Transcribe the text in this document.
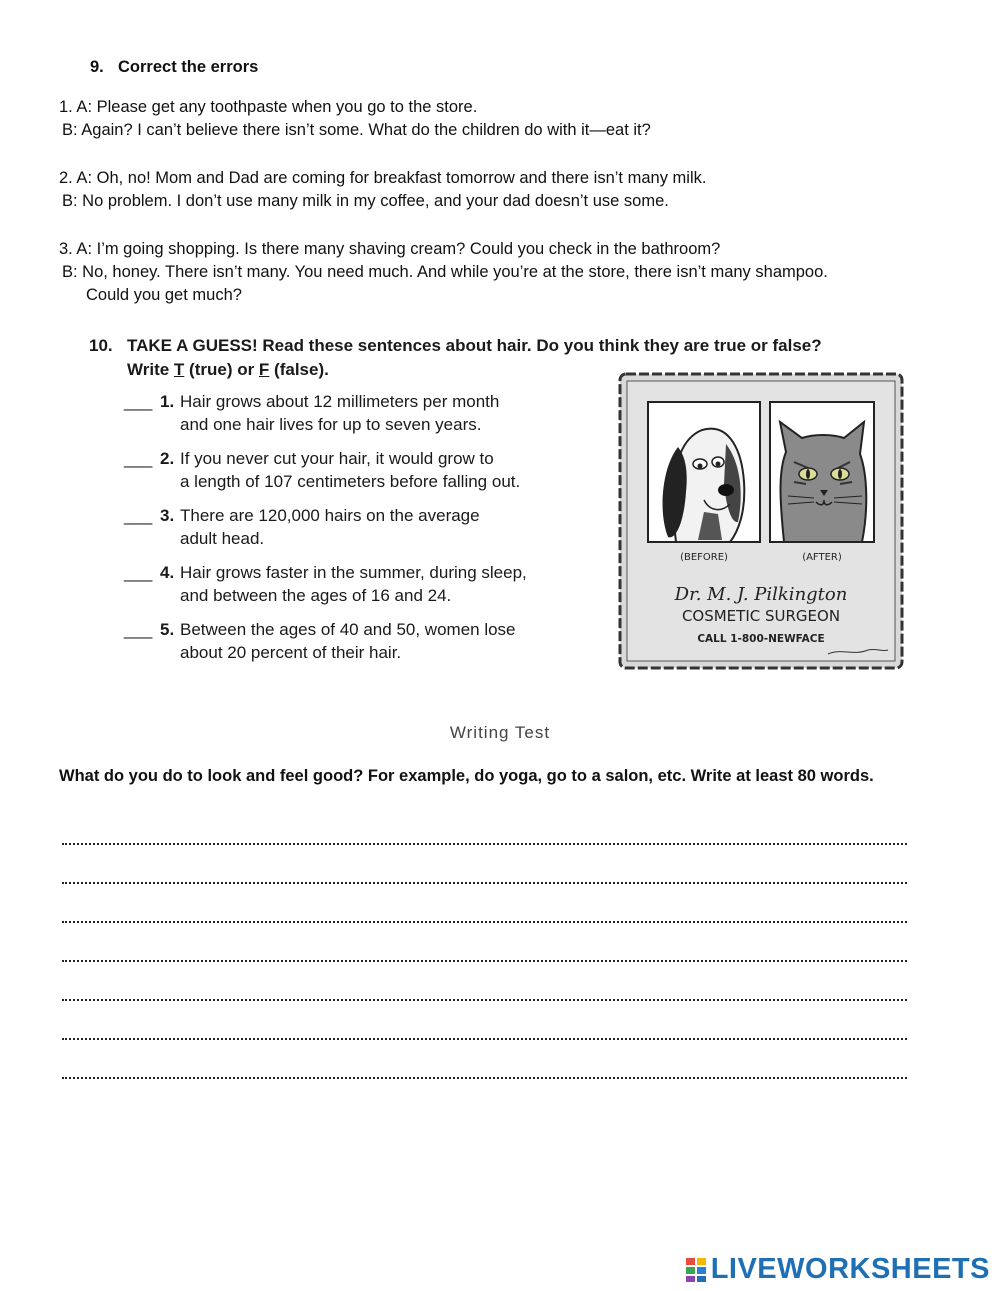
9. Correct the errors
1. A: Please get any toothpaste when you go to the store.
B: Again? I can’t believe there isn’t some. What do the children do with it—eat it?
2. A: Oh, no! Mom and Dad are coming for breakfast tomorrow and there isn’t many milk.
B: No problem. I don’t use many milk in my coffee, and your dad doesn’t use some.
3. A: I’m going shopping. Is there many shaving cream? Could you check in the bathroom?
B: No, honey. There isn’t many. You need much. And while you’re at the store, there isn’t many shampoo.
Could you get much?
10. TAKE A GUESS! Read these sentences about hair. Do you think they are true or false?
Write T (true) or F (false).
___ 1. Hair grows about 12 millimeters per month
and one hair lives for up to seven years.
___ 2. If you never cut your hair, it would grow to
a length of 107 centimeters before falling out.
___ 3. There are 120,000 hairs on the average
adult head.
___ 4. Hair grows faster in the summer, during sleep,
and between the ages of 16 and 24.
___ 5. Between the ages of 40 and 50, women lose
about 20 percent of their hair.
(BEFORE)	(AFTER)
Dr. M. J. Pilkington
COSMETIC SURGEON
CALL 1-800-NEWFACE
Writing Test
What do you do to look and feel good? For example, do yoga, go to a salon, etc. Write at least 80 words.
LIVEWORKSHEETS
